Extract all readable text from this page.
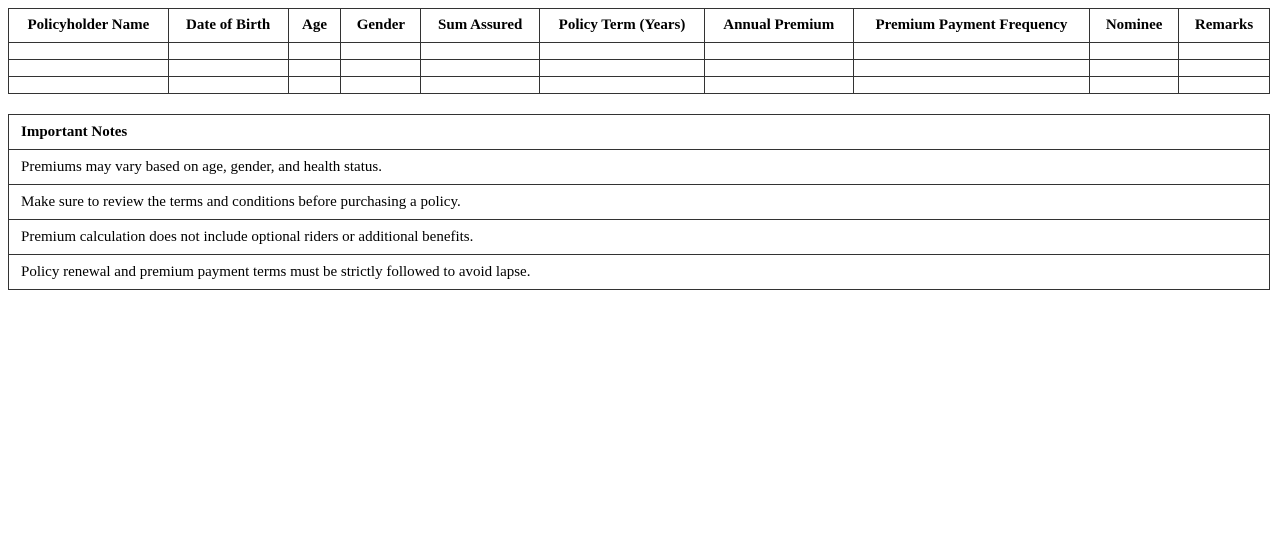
Policyholder Name	Date of Birth	Age	Gender	Sum Assured	Policy Term (Years)	Annual Premium	Premium Payment Frequency	Nominee	Remarks

Important Notes
Premiums may vary based on age, gender, and health status.
Make sure to review the terms and conditions before purchasing a policy.
Premium calculation does not include optional riders or additional benefits.
Policy renewal and premium payment terms must be strictly followed to avoid lapse.
